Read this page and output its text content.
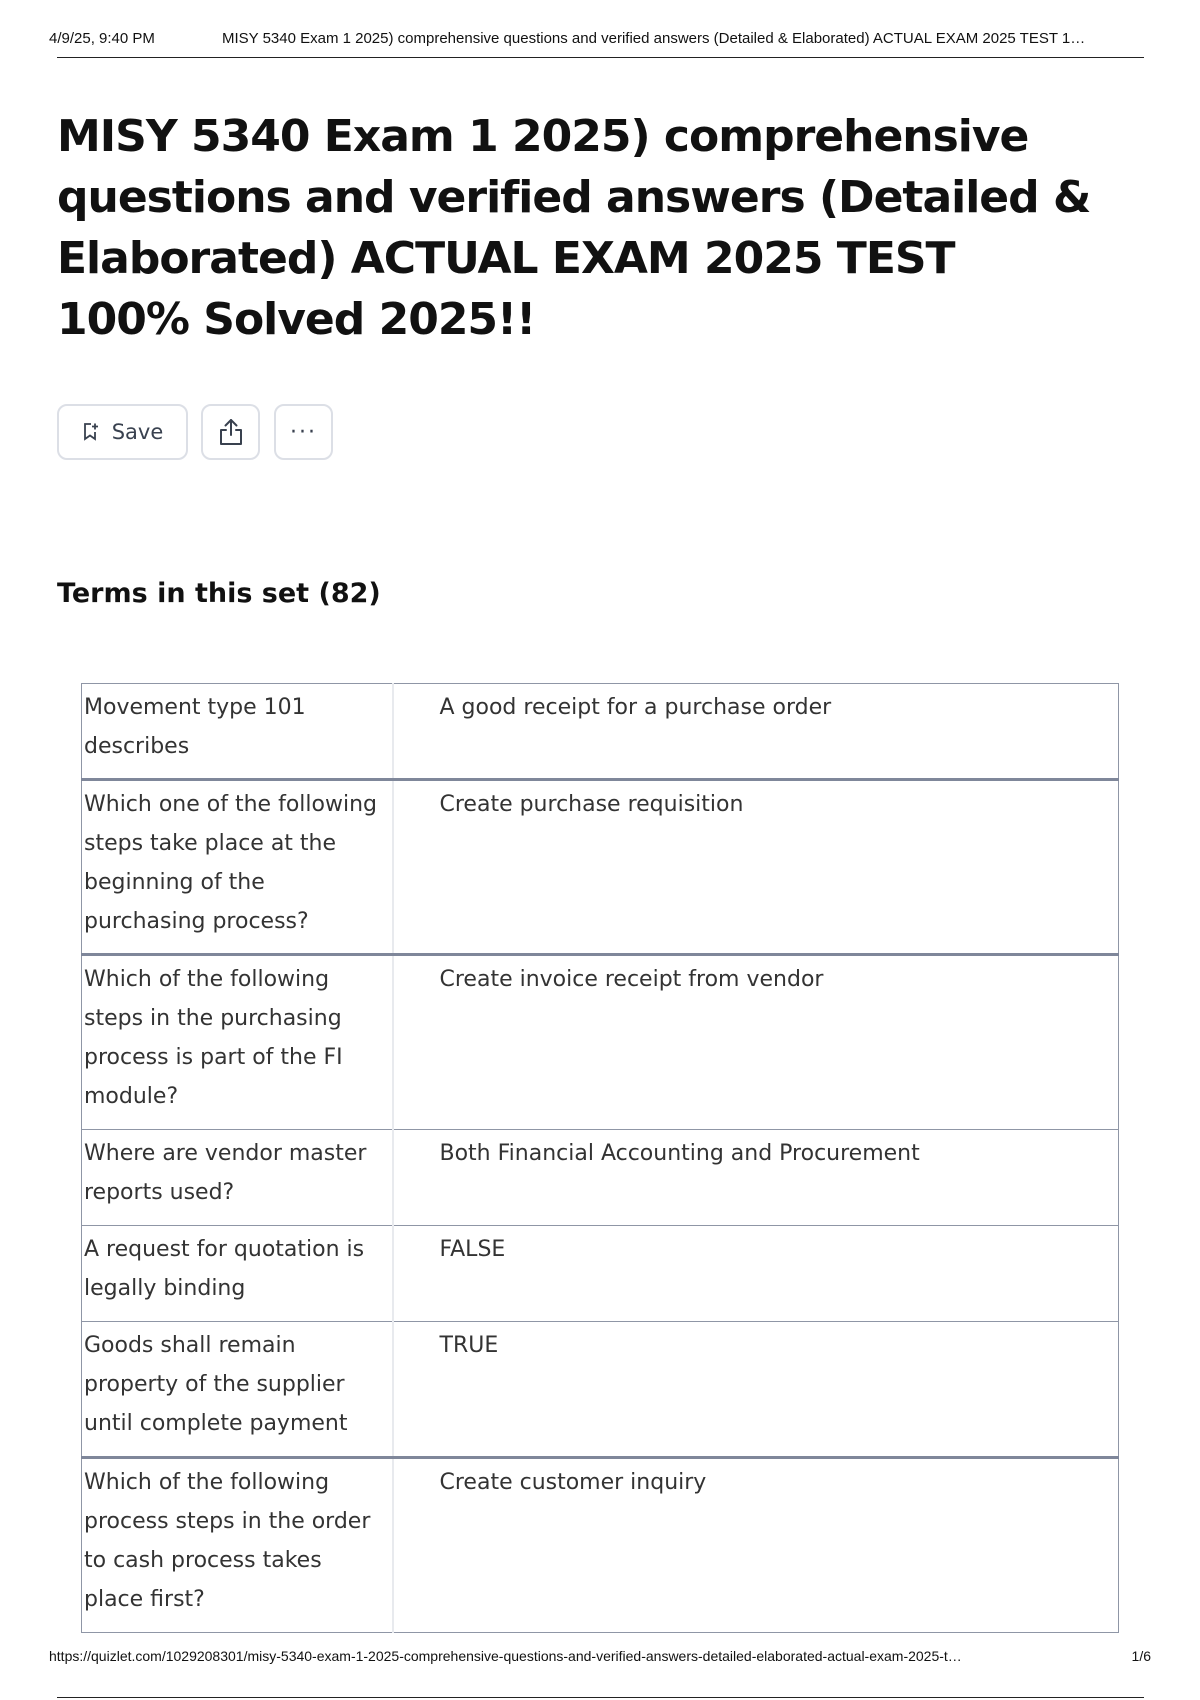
4/9/25, 9:40 PM	MISY 5340 Exam 1 2025) comprehensive questions and verified answers (Detailed & Elaborated) ACTUAL EXAM 2025 TEST 1…
MISY 5340 Exam 1 2025) comprehensive questions and verified answers (Detailed & Elaborated) ACTUAL EXAM 2025 TEST 100% Solved 2025!!
Save	···
Terms in this set (82)
Movement type 101 describes	A good receipt for a purchase order
Which one of the following steps take place at the beginning of the purchasing process?	Create purchase requisition
Which of the following steps in the purchasing process is part of the FI module?	Create invoice receipt from vendor
Where are vendor master reports used?	Both Financial Accounting and Procurement
A request for quotation is legally binding	FALSE
Goods shall remain property of the supplier until complete payment	TRUE
Which of the following process steps in the order to cash process takes place first?	Create customer inquiry
https://quizlet.com/1029208301/misy-5340-exam-1-2025-comprehensive-questions-and-verified-answers-detailed-elaborated-actual-exam-2025-t…	1/6
